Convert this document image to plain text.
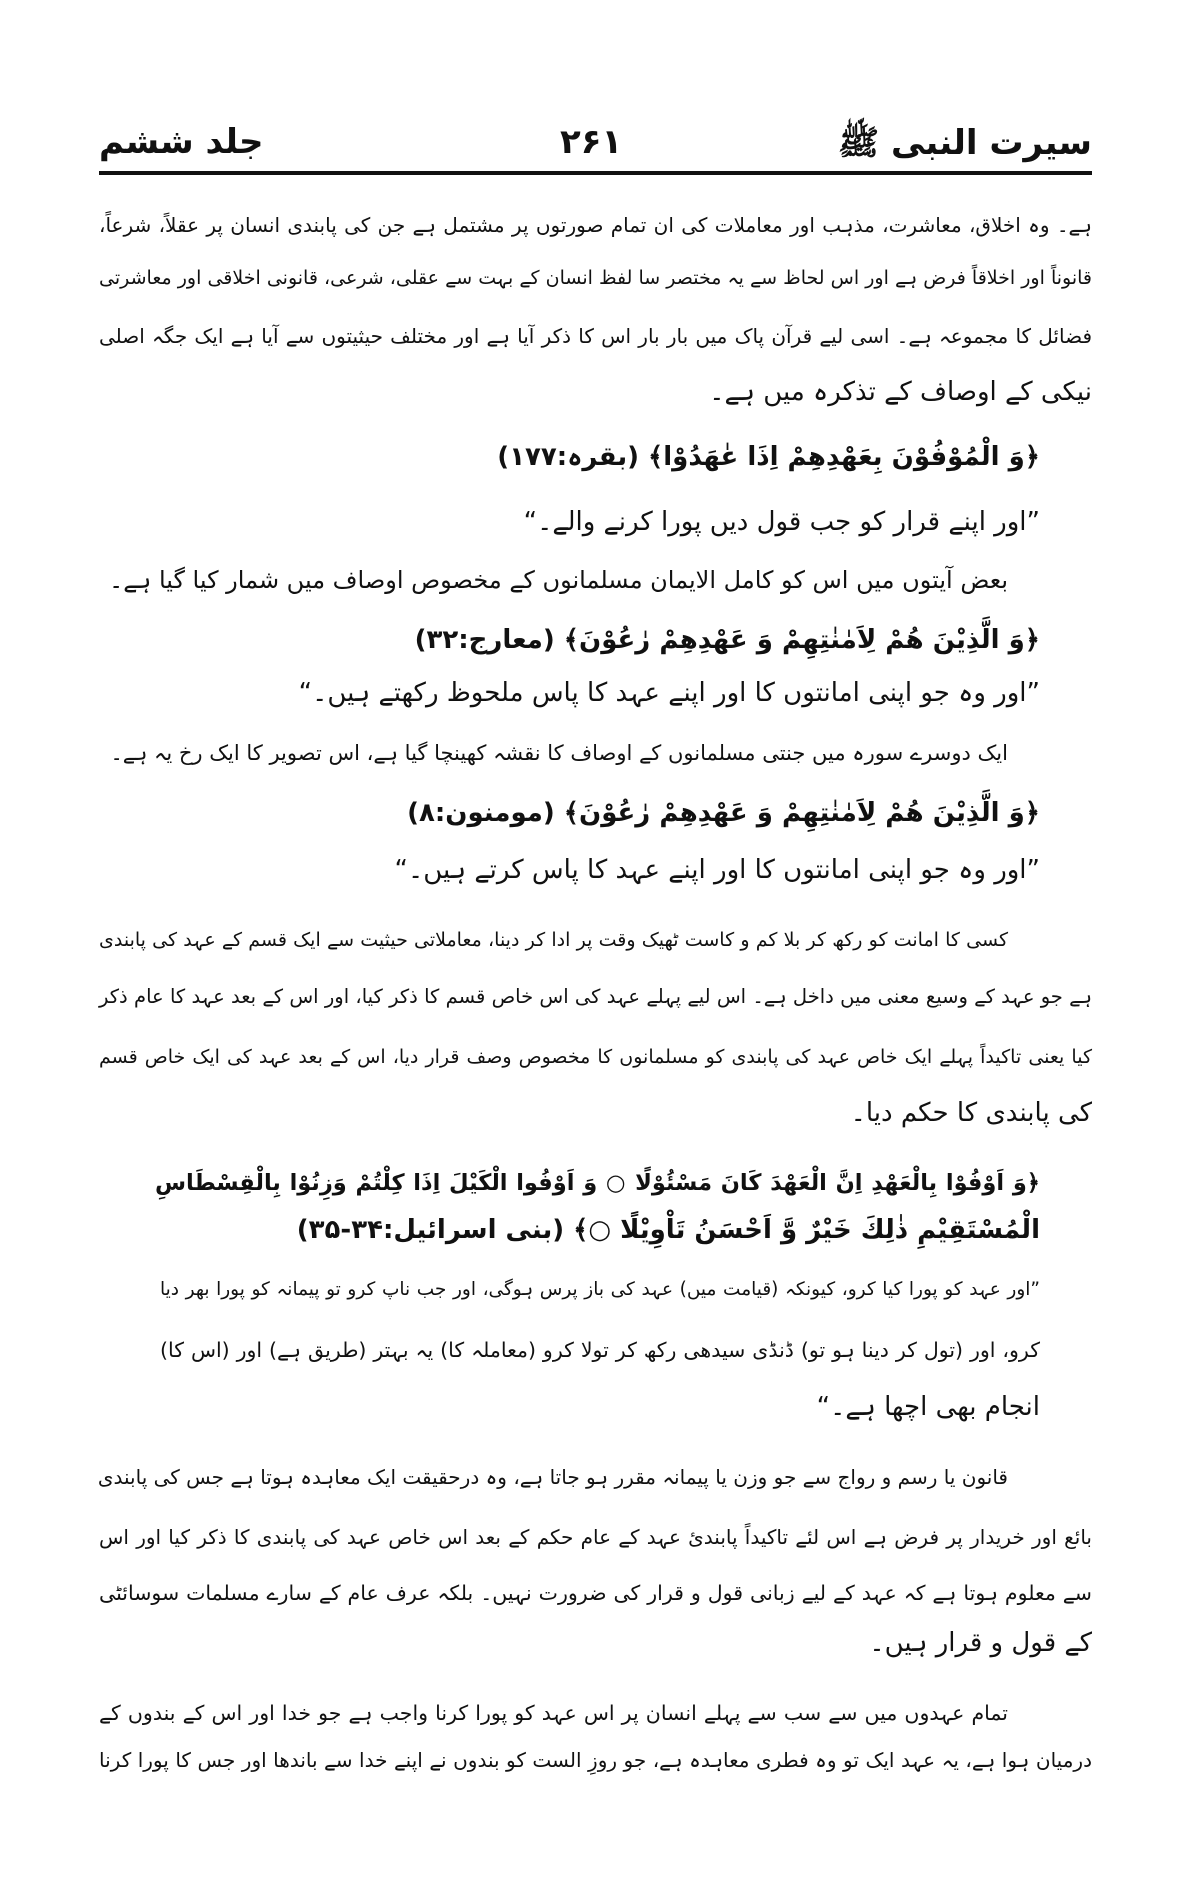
سیرت النبی ﷺ
۲۶۱
جلد ششم
ہے۔ وہ اخلاق، معاشرت، مذہب اور معاملات کی ان تمام صورتوں پر مشتمل ہے جن کی پابندی انسان پر عقلاً، شرعاً،
قانوناً اور اخلاقاً فرض ہے اور اس لحاظ سے یہ مختصر سا لفظ انسان کے بہت سے عقلی، شرعی، قانونی اخلاقی اور معاشرتی
فضائل کا مجموعہ ہے۔ اسی لیے قرآن پاک میں بار بار اس کا ذکر آیا ہے اور مختلف حیثیتوں سے آیا ہے ایک جگہ اصلی
نیکی کے اوصاف کے تذکرہ میں ہے۔
﴿وَ الْمُوْفُوْنَ بِعَهْدِهِمْ اِذَا عٰهَدُوْا﴾ (بقرہ:۱۷۷)
”اور اپنے قرار کو جب قول دیں پورا کرنے والے۔“
بعض آیتوں میں اس کو کامل الایمان مسلمانوں کے مخصوص اوصاف میں شمار کیا گیا ہے۔
﴿وَ الَّذِيْنَ هُمْ لِاَمٰنٰتِهِمْ وَ عَهْدِهِمْ رٰعُوْنَ﴾ (معارج:۳۲)
”اور وہ جو اپنی امانتوں کا اور اپنے عہد کا پاس ملحوظ رکھتے ہیں۔“
ایک دوسرے سورہ میں جنتی مسلمانوں کے اوصاف کا نقشہ کھینچا گیا ہے، اس تصویر کا ایک رخ یہ ہے۔
﴿وَ الَّذِيْنَ هُمْ لِاَمٰنٰتِهِمْ وَ عَهْدِهِمْ رٰعُوْنَ﴾ (مومنون:۸)
”اور وہ جو اپنی امانتوں کا اور اپنے عہد کا پاس کرتے ہیں۔“
کسی کا امانت کو رکھ کر بلا کم و کاست ٹھیک وقت پر ادا کر دینا، معاملاتی حیثیت سے ایک قسم کے عہد کی پابندی
ہے جو عہد کے وسیع معنی میں داخل ہے۔ اس لیے پہلے عہد کی اس خاص قسم کا ذکر کیا، اور اس کے بعد عہد کا عام ذکر
کیا یعنی تاکیداً پہلے ایک خاص عہد کی پابندی کو مسلمانوں کا مخصوص وصف قرار دیا، اس کے بعد عہد کی ایک خاص قسم
کی پابندی کا حکم دیا۔
﴿وَ اَوْفُوْا بِالْعَهْدِ اِنَّ الْعَهْدَ كَانَ مَسْئُوْلًا ○ وَ اَوْفُوا الْكَيْلَ اِذَا كِلْتُمْ وَزِنُوْا بِالْقِسْطَاسِ
الْمُسْتَقِيْمِ ذٰلِكَ خَيْرٌ وَّ اَحْسَنُ تَاْوِيْلًا ○﴾ (بنی اسرائیل:۳۴-۳۵)
”اور عہد کو پورا کیا کرو، کیونکہ (قیامت میں) عہد کی باز پرس ہوگی، اور جب ناپ کرو تو پیمانہ کو پورا بھر دیا
کرو، اور (تول کر دینا ہو تو) ڈنڈی سیدھی رکھ کر تولا کرو (معاملہ کا) یہ بہتر (طریق ہے) اور (اس کا)
انجام بھی اچھا ہے۔“
قانون یا رسم و رواج سے جو وزن یا پیمانہ مقرر ہو جاتا ہے، وہ درحقیقت ایک معاہدہ ہوتا ہے جس کی پابندی
بائع اور خریدار پر فرض ہے اس لئے تاکیداً پابندیٔ عہد کے عام حکم کے بعد اس خاص عہد کی پابندی کا ذکر کیا اور اس
سے معلوم ہوتا ہے کہ عہد کے لیے زبانی قول و قرار کی ضرورت نہیں۔ بلکہ عرف عام کے سارے مسلمات سوسائٹی
کے قول و قرار ہیں۔
تمام عہدوں میں سے سب سے پہلے انسان پر اس عہد کو پورا کرنا واجب ہے جو خدا اور اس کے بندوں کے
درمیان ہوا ہے، یہ عہد ایک تو وہ فطری معاہدہ ہے، جو روزِ الست کو بندوں نے اپنے خدا سے باندھا اور جس کا پورا کرنا
